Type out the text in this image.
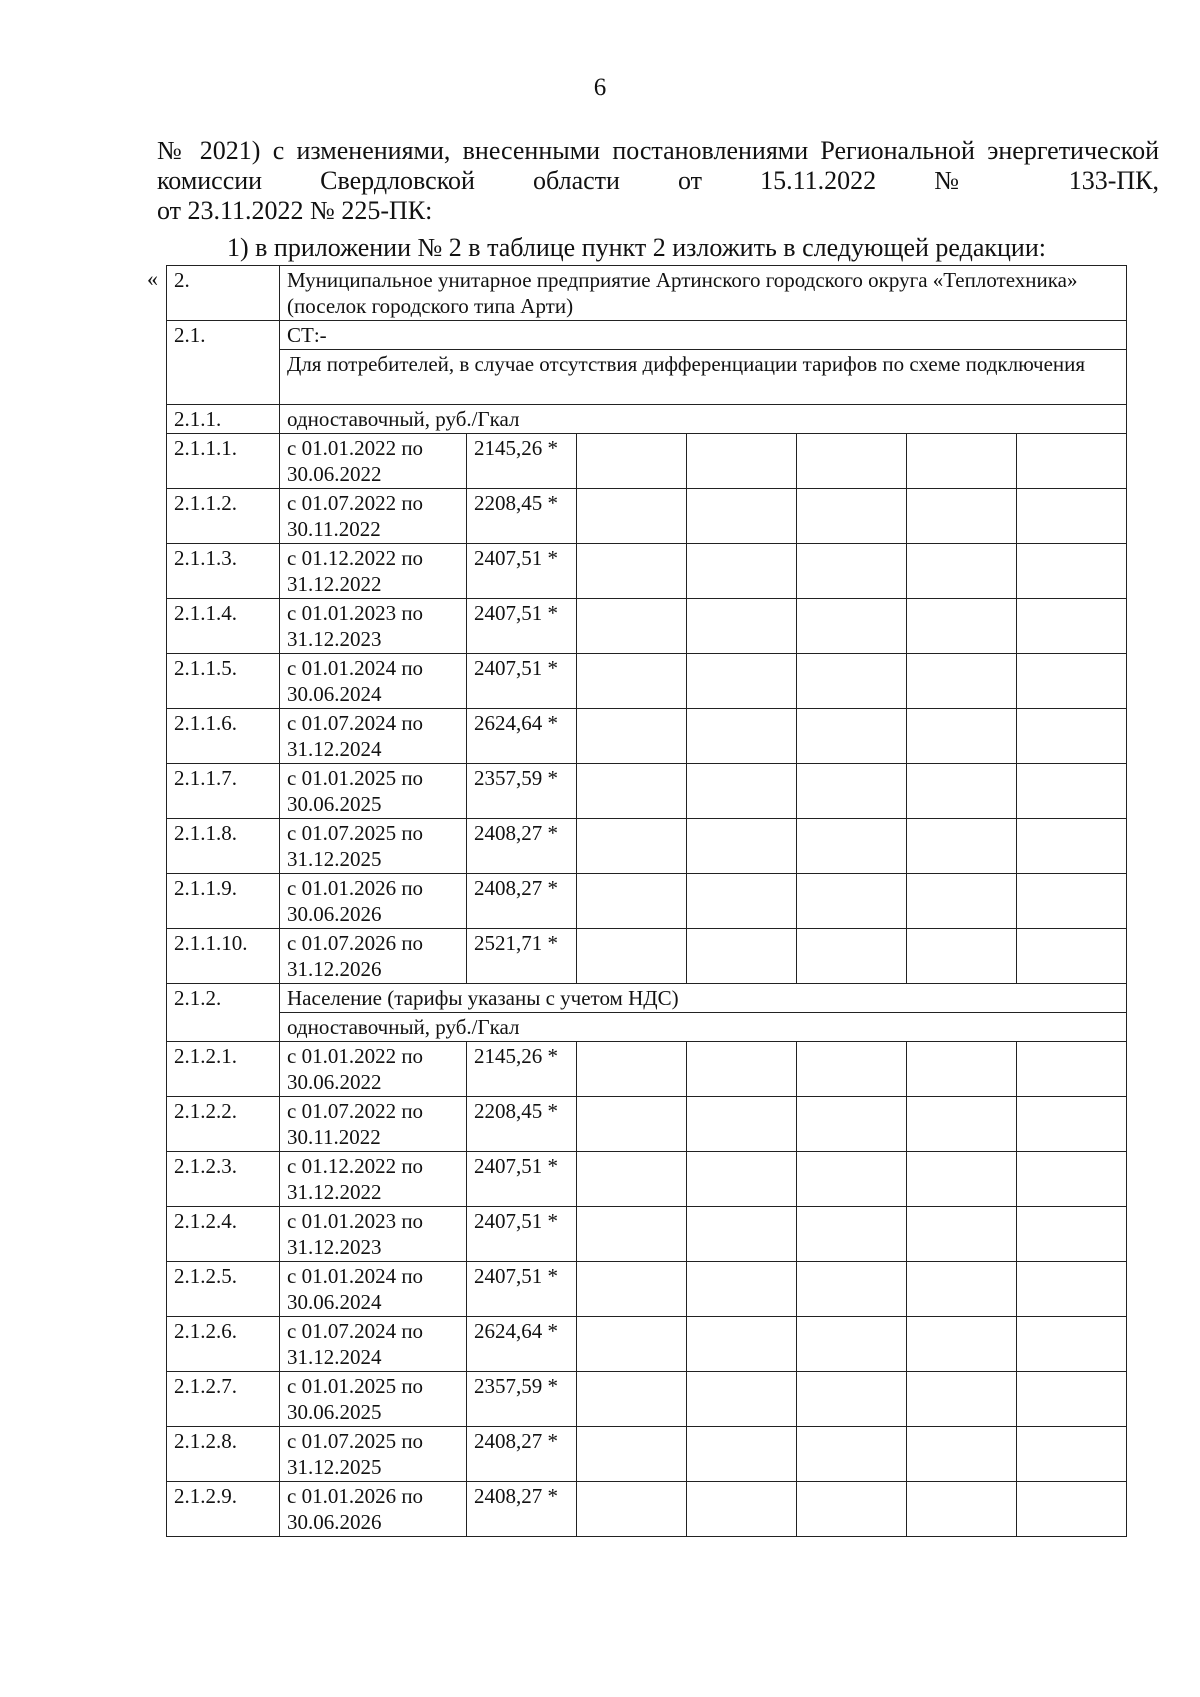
6
№ 2021) с изменениями, внесенными постановлениями Региональной энергетической комиссии Свердловской области от 15.11.2022 № 133-ПК,
от 23.11.2022 № 225-ПК:
1) в приложении № 2 в таблице пункт 2 изложить в следующей редакции:
« 2.	Муниципальное унитарное предприятие Артинского городского округа «Теплотехника» (поселок городского типа Арти)						
2.1.	СТ:-						
	Для потребителей, в случае отсутствия дифференциации тарифов по схеме подключения						
2.1.1.	одноставочный, руб./Гкал						
2.1.1.1.	с 01.01.2022 по 30.06.2022	2145,26 *					
2.1.1.2.	с 01.07.2022 по 30.11.2022	2208,45 *					
2.1.1.3.	с 01.12.2022 по 31.12.2022	2407,51 *					
2.1.1.4.	с 01.01.2023 по 31.12.2023	2407,51 *					
2.1.1.5.	с 01.01.2024 по 30.06.2024	2407,51 *					
2.1.1.6.	с 01.07.2024 по 31.12.2024	2624,64 *					
2.1.1.7.	с 01.01.2025 по 30.06.2025	2357,59 *					
2.1.1.8.	с 01.07.2025 по 31.12.2025	2408,27 *					
2.1.1.9.	с 01.01.2026 по 30.06.2026	2408,27 *					
2.1.1.10.	с 01.07.2026 по 31.12.2026	2521,71 *					
2.1.2.	Население (тарифы указаны с учетом НДС)						
	одноставочный, руб./Гкал						
2.1.2.1.	с 01.01.2022 по 30.06.2022	2145,26 *					
2.1.2.2.	с 01.07.2022 по 30.11.2022	2208,45 *					
2.1.2.3.	с 01.12.2022 по 31.12.2022	2407,51 *					
2.1.2.4.	с 01.01.2023 по 31.12.2023	2407,51 *					
2.1.2.5.	с 01.01.2024 по 30.06.2024	2407,51 *					
2.1.2.6.	с 01.07.2024 по 31.12.2024	2624,64 *					
2.1.2.7.	с 01.01.2025 по 30.06.2025	2357,59 *					
2.1.2.8.	с 01.07.2025 по 31.12.2025	2408,27 *					
2.1.2.9.	с 01.01.2026 по 30.06.2026	2408,27 *					
